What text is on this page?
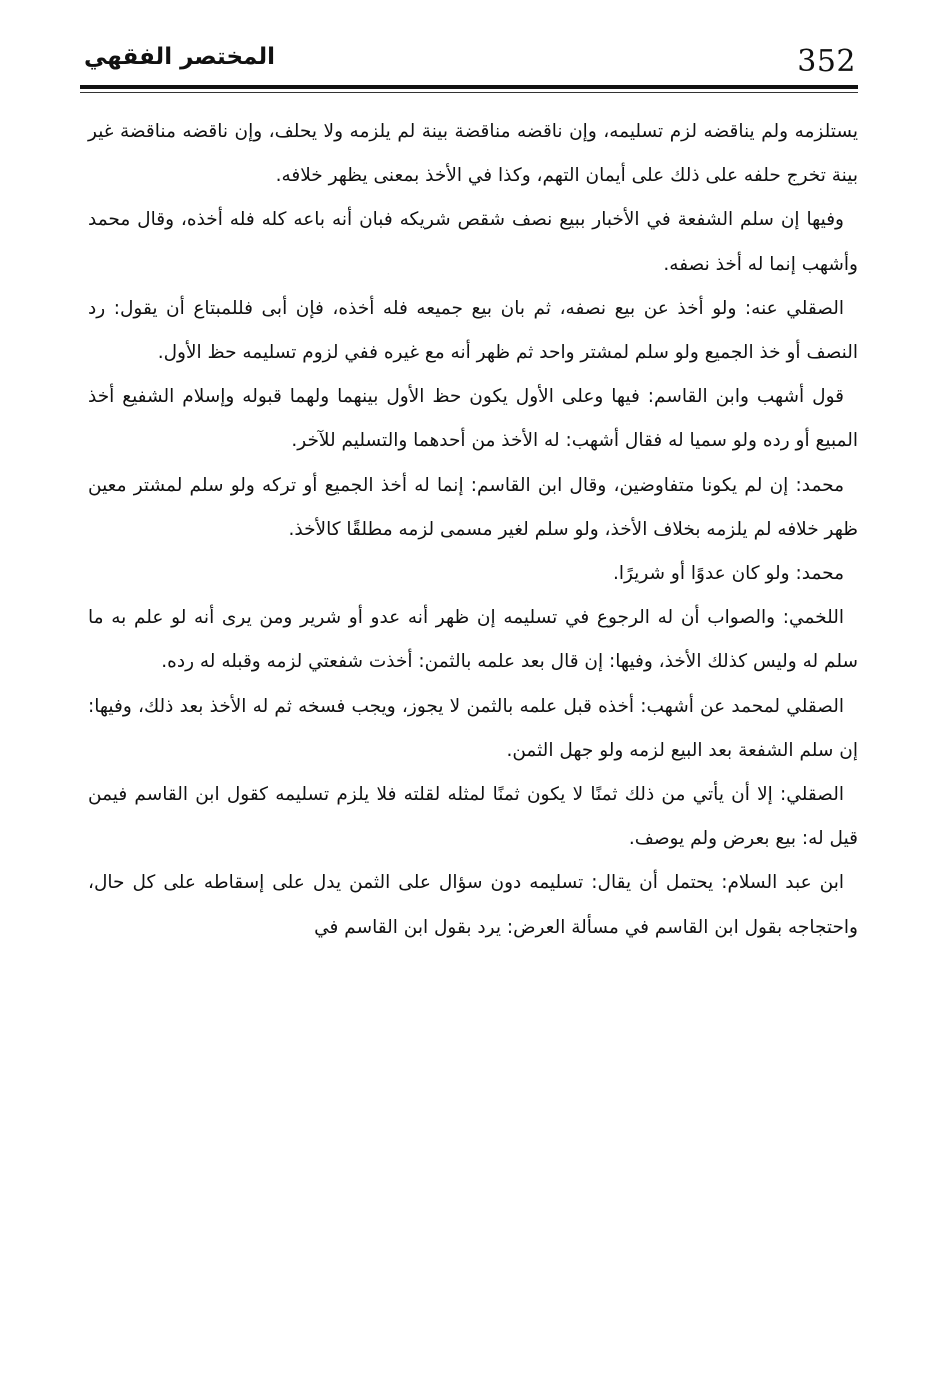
المختصر الفقهي	352

يستلزمه ولم يناقضه لزم تسليمه، وإن ناقضه مناقضة بينة لم يلزمه ولا يحلف، وإن ناقضه مناقضة غير بينة تخرج حلفه على ذلك على أيمان التهم، وكذا في الأخذ بمعنى يظهر خلافه.

وفيها إن سلم الشفعة في الأخبار ببيع نصف شقص شريكه فبان أنه باعه كله فله أخذه، وقال محمد وأشهب إنما له أخذ نصفه.

الصقلي عنه: ولو أخذ عن بيع نصفه، ثم بان بيع جميعه فله أخذه، فإن أبى فللمبتاع أن يقول: رد النصف أو خذ الجميع ولو سلم لمشتر واحد ثم ظهر أنه مع غيره ففي لزوم تسليمه حظ الأول.

قول أشهب وابن القاسم: فيها وعلى الأول يكون حظ الأول بينهما ولهما قبوله وإسلام الشفيع أخذ المبيع أو رده ولو سميا له فقال أشهب: له الأخذ من أحدهما والتسليم للآخر.

محمد: إن لم يكونا متفاوضين، وقال ابن القاسم: إنما له أخذ الجميع أو تركه ولو سلم لمشتر معين ظهر خلافه لم يلزمه بخلاف الأخذ، ولو سلم لغير مسمى لزمه مطلقًا كالأخذ.

محمد: ولو كان عدوًا أو شريرًا.

اللخمي: والصواب أن له الرجوع في تسليمه إن ظهر أنه عدو أو شرير ومن يرى أنه لو علم به ما سلم له وليس كذلك الأخذ، وفيها: إن قال بعد علمه بالثمن: أخذت شفعتي لزمه وقبله له رده.

الصقلي لمحمد عن أشهب: أخذه قبل علمه بالثمن لا يجوز، ويجب فسخه ثم له الأخذ بعد ذلك، وفيها: إن سلم الشفعة بعد البيع لزمه ولو جهل الثمن.

الصقلي: إلا أن يأتي من ذلك ثمنًا لا يكون ثمنًا لمثله لقلته فلا يلزم تسليمه كقول ابن القاسم فيمن قيل له: بيع بعرض ولم يوصف.

ابن عبد السلام: يحتمل أن يقال: تسليمه دون سؤال على الثمن يدل على إسقاطه على كل حال، واحتجاجه بقول ابن القاسم في مسألة العرض: يرد بقول ابن القاسم في
